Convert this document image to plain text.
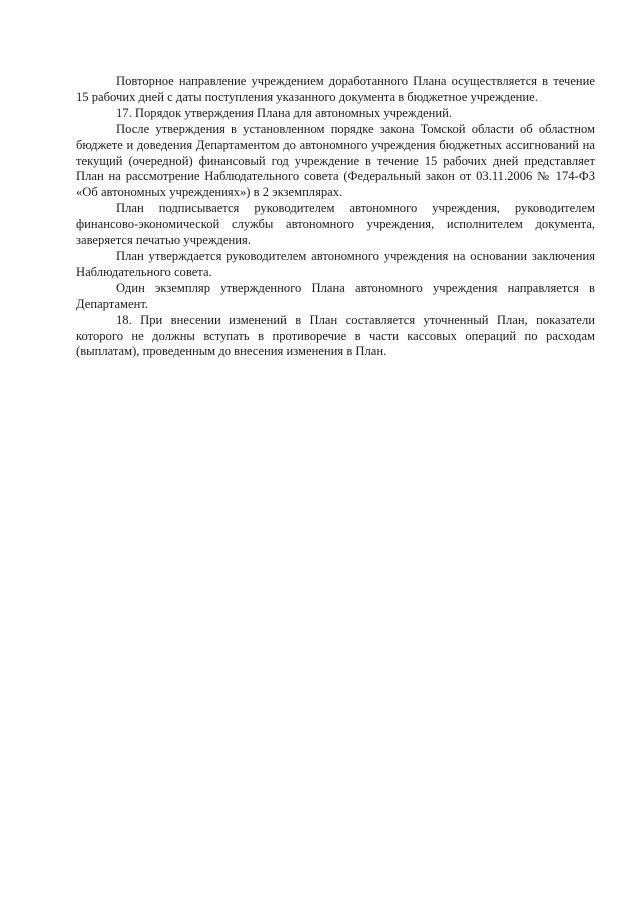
Повторное направление учреждением доработанного Плана осуществляется в течение 15 рабочих дней с даты поступления указанного документа в бюджетное учреждение.

17. Порядок утверждения Плана для автономных учреждений.

После утверждения в установленном порядке закона Томской области об областном бюджете и доведения Департаментом до автономного учреждения бюджетных ассигнований на текущий (очередной) финансовый год учреждение в течение 15 рабочих дней представляет План на рассмотрение Наблюдательного совета (Федеральный закон от 03.11.2006 № 174-ФЗ «Об автономных учреждениях») в 2 экземплярах.

План подписывается руководителем автономного учреждения, руководителем финансово-экономической службы автономного учреждения, исполнителем документа, заверяется печатью учреждения.

План утверждается руководителем автономного учреждения на основании заключения Наблюдательного совета.

Один экземпляр утвержденного Плана автономного учреждения направляется в Департамент.

18. При внесении изменений в План составляется уточненный План, показатели которого не должны вступать в противоречие в части кассовых операций по расходам (выплатам), проведенным до внесения изменения в План.
